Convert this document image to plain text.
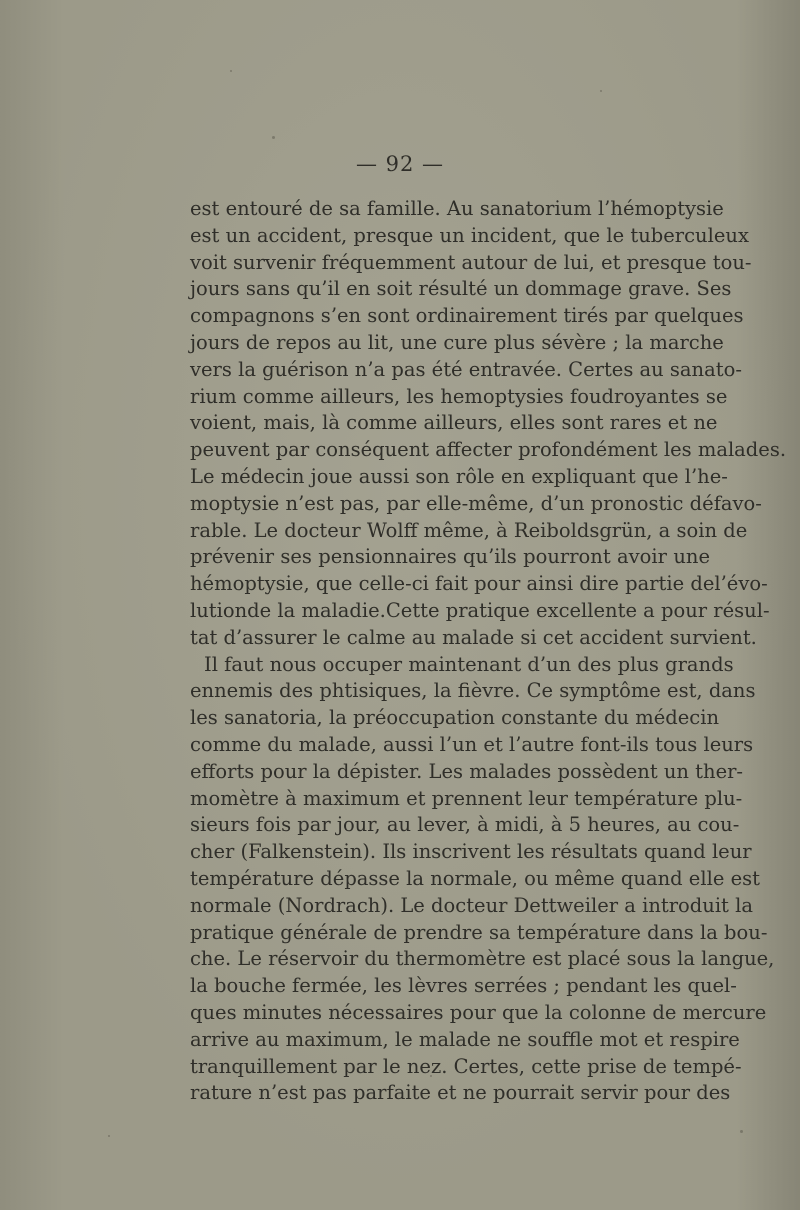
— 92 —
est entouré de sa famille. Au sanatorium l’hémoptysie
est un accident, presque un incident, que le tuberculeux
voit survenir fréquemment autour de lui, et presque tou-
jours sans qu’il en soit résulté un dommage grave. Ses
compagnons s’en sont ordinairement tirés par quelques
jours de repos au lit, une cure plus sévère ; la marche
vers la guérison n’a pas été entravée. Certes au sanato-
rium comme ailleurs, les hemoptysies foudroyantes se
voient, mais, là comme ailleurs, elles sont rares et ne
peuvent par conséquent affecter profondément les malades.
Le médecin joue aussi son rôle en expliquant que l’he-
moptysie n’est pas, par elle-même, d’un pronostic défavo-
rable. Le docteur Wolff même, à Reiboldsgrün, a soin de
prévenir ses pensionnaires qu’ils pourront avoir une
hémoptysie, que celle-ci fait pour ainsi dire partie del’évo-
lutionde la maladie.Cette pratique excellente a pour résul-
tat d’assurer le calme au malade si cet accident survient.
Il faut nous occuper maintenant d’un des plus grands
ennemis des phtisiques, la fièvre. Ce symptôme est, dans
les sanatoria, la préoccupation constante du médecin
comme du malade, aussi l’un et l’autre font-ils tous leurs
efforts pour la dépister. Les malades possèdent un ther-
momètre à maximum et prennent leur température plu-
sieurs fois par jour, au lever, à midi, à 5 heures, au cou-
cher (Falkenstein). Ils inscrivent les résultats quand leur
température dépasse la normale, ou même quand elle est
normale (Nordrach). Le docteur Dettweiler a introduit la
pratique générale de prendre sa température dans la bou-
che. Le réservoir du thermomètre est placé sous la langue,
la bouche fermée, les lèvres serrées ; pendant les quel-
ques minutes nécessaires pour que la colonne de mercure
arrive au maximum, le malade ne souffle mot et respire
tranquillement par le nez. Certes, cette prise de tempé-
rature n’est pas parfaite et ne pourrait servir pour des
